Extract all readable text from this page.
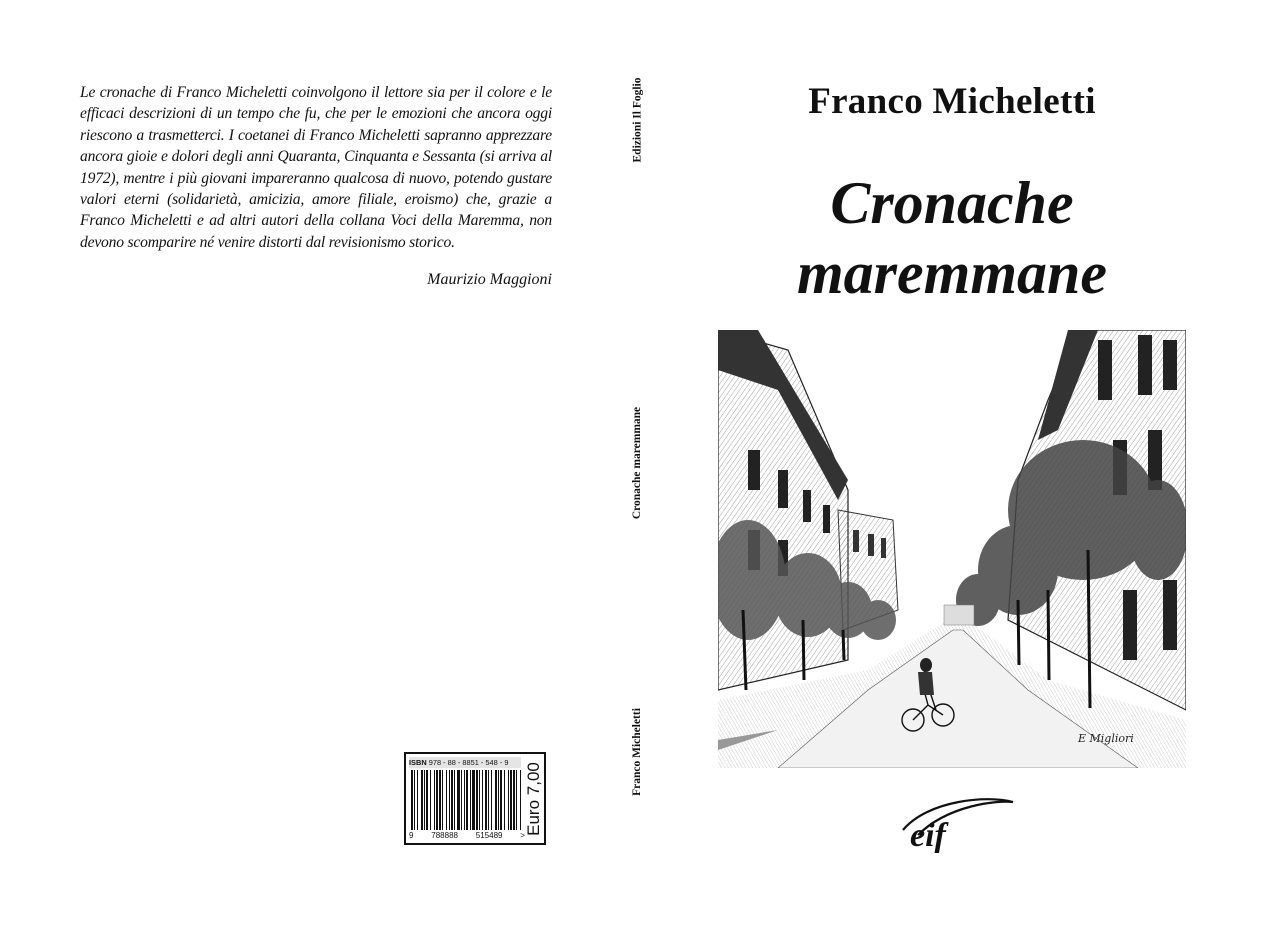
Le cronache di Franco Micheletti coinvolgono il lettore sia per il colore e le efficaci descrizioni di un tempo che fu, che per le emozioni che ancora oggi riescono a trasmetterci. I coetanei di Franco Micheletti sapranno apprezzare ancora gioie e dolori degli anni Quaranta, Cinquanta e Sessanta (si arriva al 1972), mentre i più giovani impareranno qualcosa di nuovo, potendo gustare valori eterni (solidarietà, amicizia, amore filiale, eroismo) che, grazie a Franco Micheletti e ad altri autori della collana Voci della Maremma, non devono scomparire né venire distorti dal revisionismo storico.
Maurizio Maggioni
ISBN 978 - 88 - 8851 - 548 - 9
9 788888 515489 >
Euro 7,00
Edizioni Il Foglio
Cronache maremmane
Franco Micheletti
Franco Micheletti
Cronache
maremmane
E Migliori
eif
